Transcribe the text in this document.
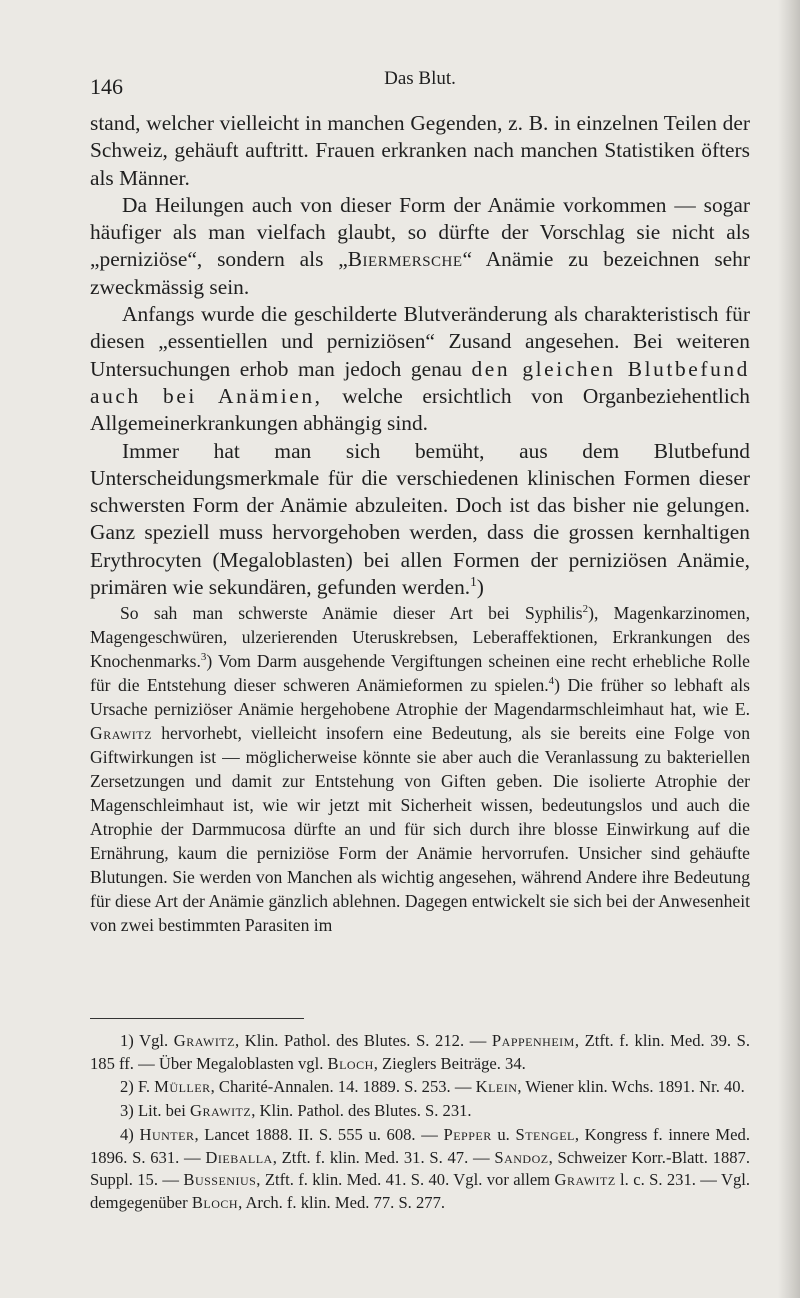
146	Das Blut.

stand, welcher vielleicht in manchen Gegenden, z. B. in einzelnen Teilen der Schweiz, gehäuft auftritt. Frauen erkranken nach manchen Statistiken öfters als Männer.

Da Heilungen auch von dieser Form der Anämie vorkommen — sogar häufiger als man vielfach glaubt, so dürfte der Vorschlag sie nicht als „perniziöse“, sondern als „Biermersche“ Anämie zu bezeichnen sehr zweckmässig sein.

Anfangs wurde die geschilderte Blutveränderung als charakteristisch für diesen „essentiellen und perniziösen“ Zusand angesehen. Bei weiteren Untersuchungen erhob man jedoch genau den gleichen Blutbefund auch bei Anämien, welche ersichtlich von Organbeziehentlich Allgemeinerkrankungen abhängig sind.

Immer hat man sich bemüht, aus dem Blutbefund Unterscheidungsmerkmale für die verschiedenen klinischen Formen dieser schwersten Form der Anämie abzuleiten. Doch ist das bisher nie gelungen. Ganz speziell muss hervorgehoben werden, dass die grossen kernhaltigen Erythrocyten (Megaloblasten) bei allen Formen der perniziösen Anämie, primären wie sekundären, gefunden werden.$^1$)

So sah man schwerste Anämie dieser Art bei Syphilis$^2$), Magenkarzinomen, Magengeschwüren, ulzerierenden Uteruskrebsen, Leberaffektionen, Erkrankungen des Knochenmarks.$^3$) Vom Darm ausgehende Vergiftungen scheinen eine recht erhebliche Rolle für die Entstehung dieser schweren Anämieformen zu spielen.$^4$) Die früher so lebhaft als Ursache perniziöser Anämie hergehobene Atrophie der Magendarmschleimhaut hat, wie E. Grawitz hervorhebt, vielleicht insofern eine Bedeutung, als sie bereits eine Folge von Giftwirkungen ist — möglicherweise könnte sie aber auch die Veranlassung zu bakteriellen Zersetzungen und damit zur Entstehung von Giften geben. Die isolierte Atrophie der Magenschleimhaut ist, wie wir jetzt mit Sicherheit wissen, bedeutungslos und auch die Atrophie der Darmmucosa dürfte an und für sich durch ihre blosse Einwirkung auf die Ernährung, kaum die perniziöse Form der Anämie hervorrufen. Unsicher sind gehäufte Blutungen. Sie werden von Manchen als wichtig angesehen, während Andere ihre Bedeutung für diese Art der Anämie gänzlich ablehnen. Dagegen entwickelt sie sich bei der Anwesenheit von zwei bestimmten Parasiten im

1) Vgl. Grawitz, Klin. Pathol. des Blutes. S. 212. — Pappenheim, Ztft. f. klin. Med. 39. S. 185 ff. — Über Megaloblasten vgl. Bloch, Zieglers Beiträge. 34.

2) F. Müller, Charité-Annalen. 14. 1889. S. 253. — Klein, Wiener klin. Wchs. 1891. Nr. 40.

3) Lit. bei Grawitz, Klin. Pathol. des Blutes. S. 231.

4) Hunter, Lancet 1888. II. S. 555 u. 608. — Pepper u. Stengel, Kongress f. innere Med. 1896. S. 631. — Dieballa, Ztft. f. klin. Med. 31. S. 47. — Sandoz, Schweizer Korr.-Blatt. 1887. Suppl. 15. — Bussenius, Ztft. f. klin. Med. 41. S. 40. Vgl. vor allem Grawitz l. c. S. 231. — Vgl. demgegenüber Bloch, Arch. f. klin. Med. 77. S. 277.
